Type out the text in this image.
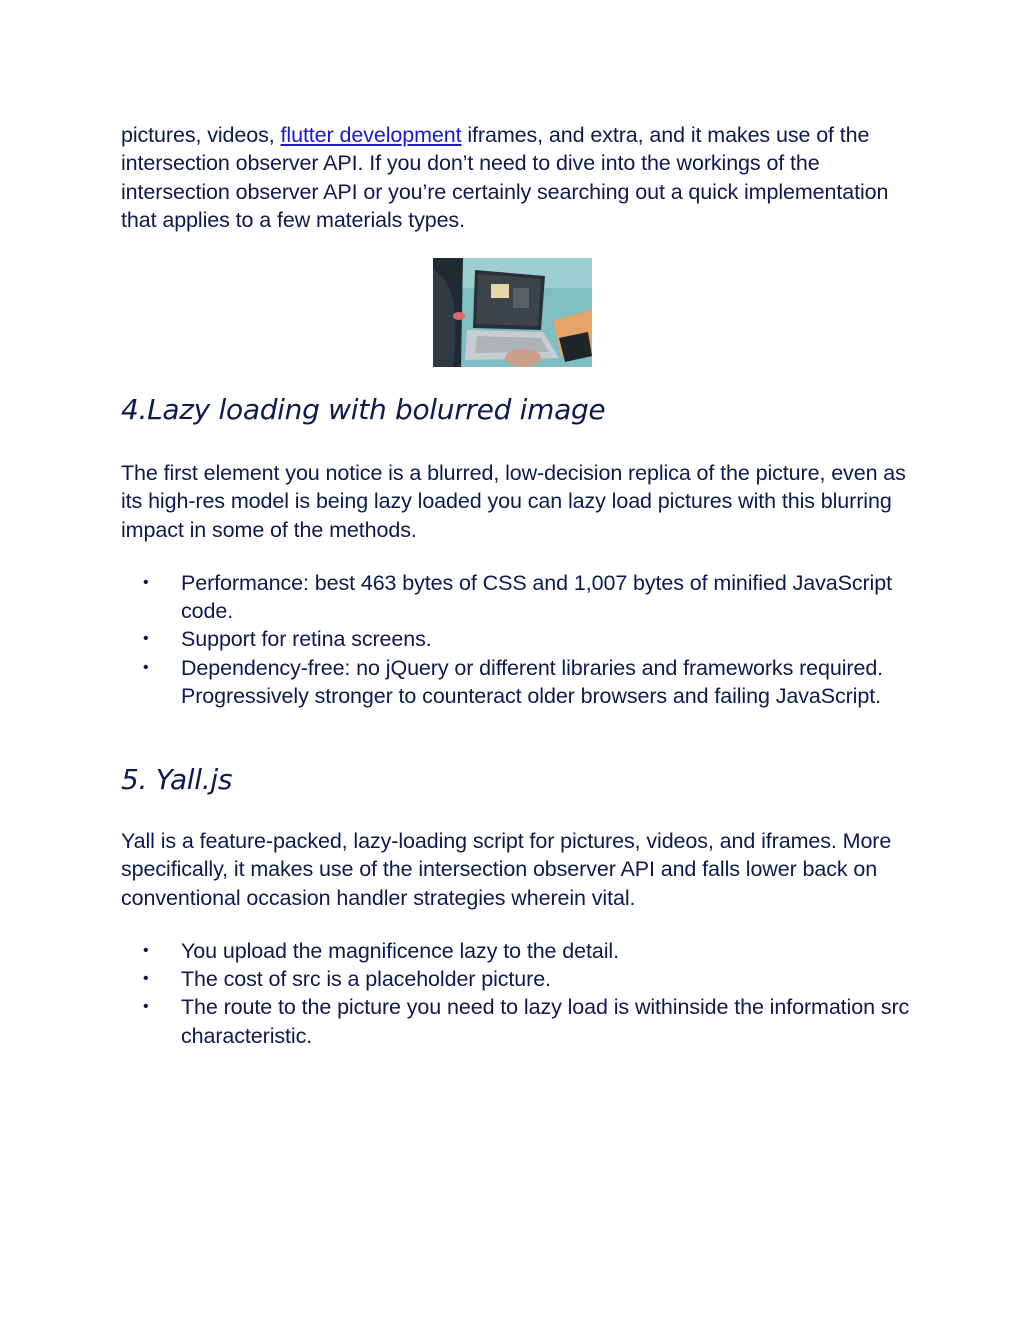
pictures, videos, flutter development iframes, and extra, and it makes use of the intersection observer API. If you don’t need to dive into the workings of the intersection observer API or you’re certainly searching out a quick implementation that applies to a few materials types.

4.Lazy loading with bolurred image

The first element you notice is a blurred, low-decision replica of the picture, even as its high-res model is being lazy loaded you can lazy load pictures with this blurring impact in some of the methods.

• Performance: best 463 bytes of CSS and 1,007 bytes of minified JavaScript code.
• Support for retina screens.
• Dependency-free: no jQuery or different libraries and frameworks required. Progressively stronger to counteract older browsers and failing JavaScript.
5. Yall.js

Yall is a feature-packed, lazy-loading script for pictures, videos, and iframes. More specifically, it makes use of the intersection observer API and falls lower back on conventional occasion handler strategies wherein vital.

• You upload the magnificence lazy to the detail.
• The cost of src is a placeholder picture.
• The route to the picture you need to lazy load is withinside the information src characteristic.
